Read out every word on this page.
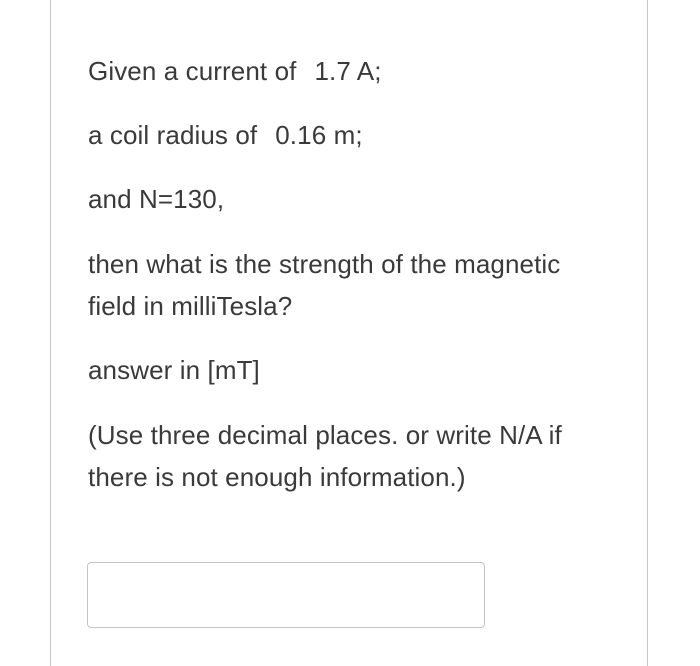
Given a current of 1.7 A;

a coil radius of 0.16 m;

and N=130,

then what is the strength of the magnetic

field in milliTesla?

answer in [mT]

(Use three decimal places. or write N/A if

there is not enough information.)
